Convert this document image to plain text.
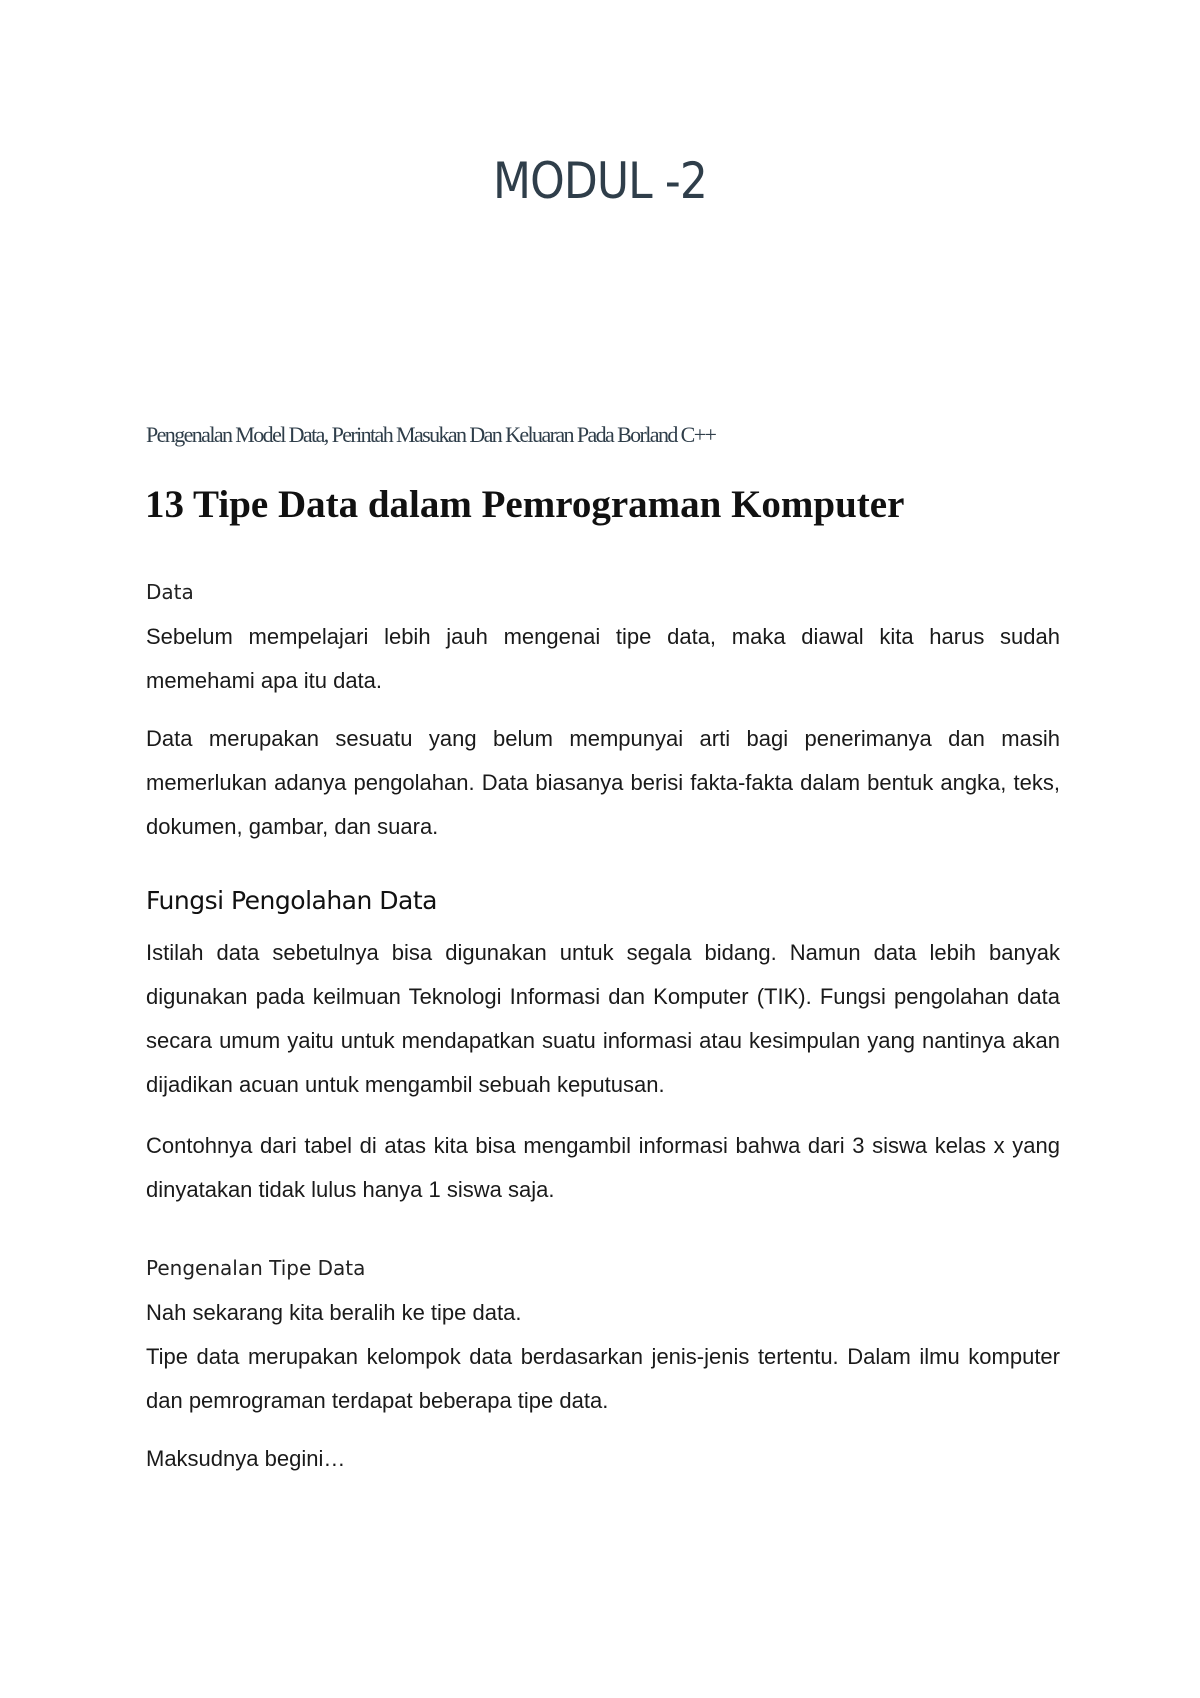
MODUL -2
Pengenalan Model Data, Perintah Masukan Dan Keluaran Pada Borland C++
13 Tipe Data dalam Pemrograman Komputer
Data
Sebelum mempelajari lebih jauh mengenai tipe data, maka diawal kita harus sudah memehami apa itu data.
Data merupakan sesuatu yang belum mempunyai arti bagi penerimanya dan masih memerlukan adanya pengolahan. Data biasanya berisi fakta-fakta dalam bentuk angka, teks, dokumen, gambar, dan suara.
Fungsi Pengolahan Data
Istilah data sebetulnya bisa digunakan untuk segala bidang. Namun data lebih banyak digunakan pada keilmuan Teknologi Informasi dan Komputer (TIK). Fungsi pengolahan data secara umum yaitu untuk mendapatkan suatu informasi atau kesimpulan yang nantinya akan dijadikan acuan untuk mengambil sebuah keputusan.
Contohnya dari tabel di atas kita bisa mengambil informasi bahwa dari 3 siswa kelas x yang dinyatakan tidak lulus hanya 1 siswa saja.
Pengenalan Tipe Data
Nah sekarang kita beralih ke tipe data.
Tipe data merupakan kelompok data berdasarkan jenis-jenis tertentu. Dalam ilmu komputer dan pemrograman terdapat beberapa tipe data.
Maksudnya begini…
